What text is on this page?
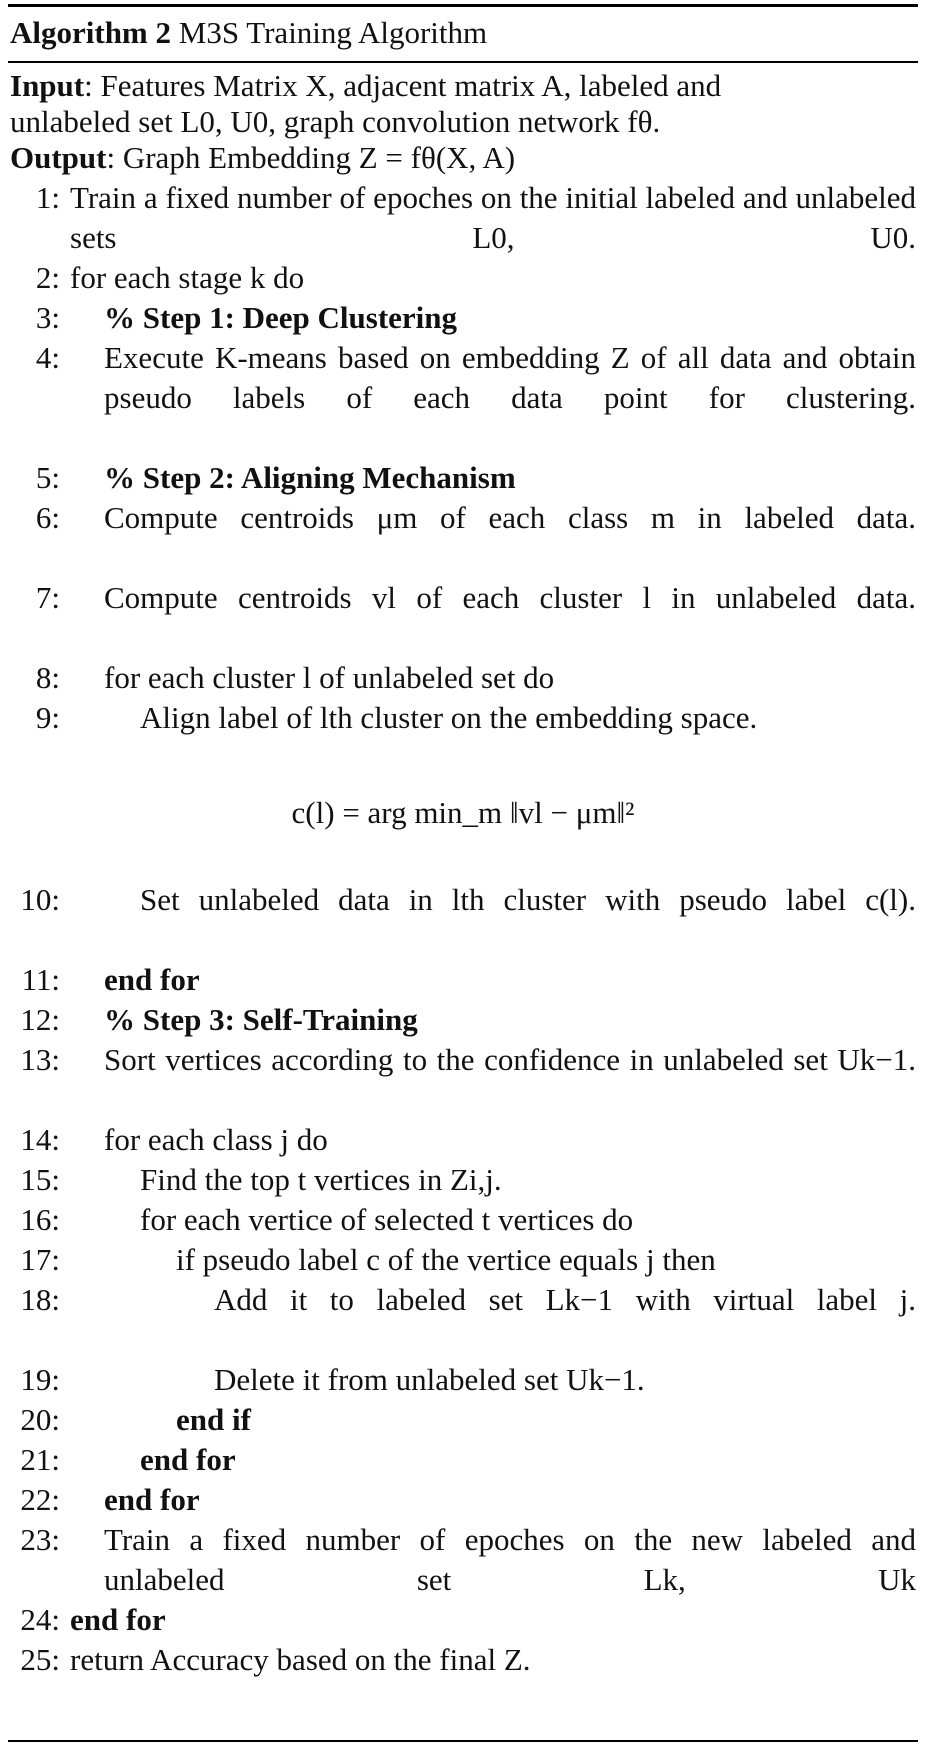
Algorithm 2 M3S Training Algorithm
Input: Features Matrix X, adjacent matrix A, labeled and
unlabeled set L0, U0, graph convolution network fθ.
Output: Graph Embedding Z = fθ(X, A)
1: Train a fixed number of epoches on the initial labeled and unlabeled sets L0, U0.
2: for each stage k do
3: % Step 1: Deep Clustering
4: Execute K-means based on embedding Z of all data and obtain pseudo labels of each data point for clustering.
5: % Step 2: Aligning Mechanism
6: Compute centroids μm of each class m in labeled data.
7: Compute centroids vl of each cluster l in unlabeled data.
8: for each cluster l of unlabeled set do
9:	Align label of lth cluster on the embedding space.
c(l) = arg min_m ‖vl − μm‖²
10:	Set unlabeled data in lth cluster with pseudo label c(l).
11: end for
12: % Step 3: Self-Training
13: Sort vertices according to the confidence in unlabeled set Uk−1.
14: for each class j do
15:	Find the top t vertices in Zi,j.
16:	for each vertice of selected t vertices do
17:	if pseudo label c of the vertice equals j then
18:	Add it to labeled set Lk−1 with virtual label j.
19:	Delete it from unlabeled set Uk−1.
20:	end if
21:	end for
22: end for
23: Train a fixed number of epoches on the new labeled and unlabeled set Lk, Uk
24: end for
25: return Accuracy based on the final Z.
